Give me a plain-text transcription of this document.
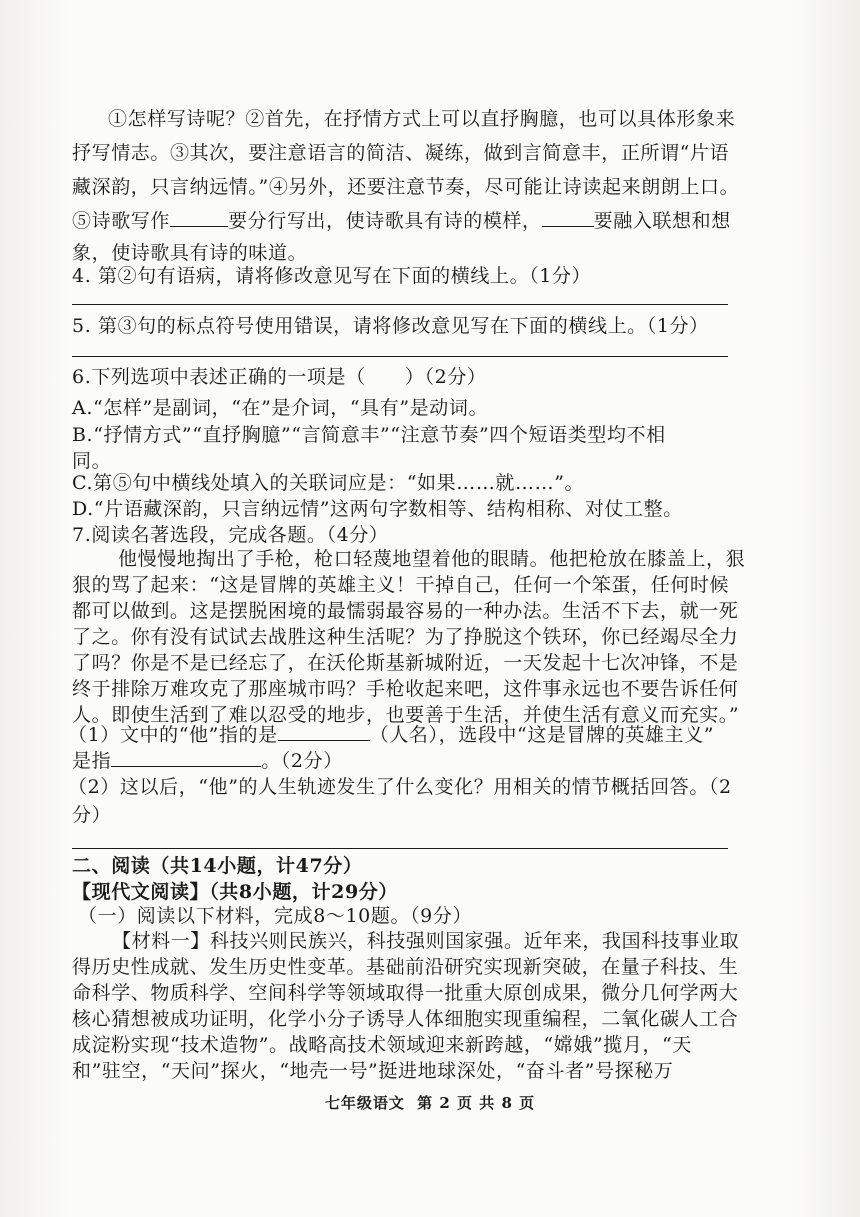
①怎样写诗呢？②首先，在抒情方式上可以直抒胸臆，也可以具体形象来
抒写情志。③其次，要注意语言的简洁、凝练，做到言简意丰，正所谓“片语
藏深韵，只言纳远情。”④另外，还要注意节奏，尽可能让诗读起来朗朗上口。
⑤诗歌写作	要分行写出，使诗歌具有诗的模样，	要融入联想和想
象，使诗歌具有诗的味道。
4. 第②句有语病，请将修改意见写在下面的横线上。（1分）
5. 第③句的标点符号使用错误，请将修改意见写在下面的横线上。（1分）
6.下列选项中表述正确的一项是（　　）（2分）
A.“怎样”是副词，“在”是介词，“具有”是动词。
B.“抒情方式”“直抒胸臆”“言简意丰”“注意节奏”四个短语类型均不相
同。
C.第⑤句中横线处填入的关联词应是：“如果……就……”。
D.“片语藏深韵，只言纳远情”这两句字数相等、结构相称、对仗工整。
7.阅读名著选段，完成各题。（4分）
他慢慢地掏出了手枪，枪口轻蔑地望着他的眼睛。他把枪放在膝盖上，狠
狠的骂了起来：“这是冒牌的英雄主义！干掉自己，任何一个笨蛋，任何时候
都可以做到。这是摆脱困境的最懦弱最容易的一种办法。生活不下去，就一死
了之。你有没有试试去战胜这种生活呢？为了挣脱这个铁环，你已经竭尽全力
了吗？你是不是已经忘了，在沃伦斯基新城附近，一天发起十七次冲锋，不是
终于排除万难攻克了那座城市吗？手枪收起来吧，这件事永远也不要告诉任何
人。即使生活到了难以忍受的地步，也要善于生活，并使生活有意义而充实。”
（1）文中的“他”指的是	（人名），选段中“这是冒牌的英雄主义”
是指	。（2分）
（2）这以后，“他”的人生轨迹发生了什么变化？用相关的情节概括回答。（2
分）
二、阅读（共14小题，计47分）
【现代文阅读】（共8小题，计29分）
（一）阅读以下材料，完成8～10题。（9分）
【材料一】科技兴则民族兴，科技强则国家强。近年来，我国科技事业取
得历史性成就、发生历史性变革。基础前沿研究实现新突破，在量子科技、生
命科学、物质科学、空间科学等领域取得一批重大原创成果，微分几何学两大
核心猜想被成功证明，化学小分子诱导人体细胞实现重编程，二氧化碳人工合
成淀粉实现“技术造物”。战略高技术领域迎来新跨越，“嫦娥”揽月，“天
和”驻空，“天问”探火，“地壳一号”挺进地球深处，“奋斗者”号探秘万
七年级语文 第 2 页 共 8 页
